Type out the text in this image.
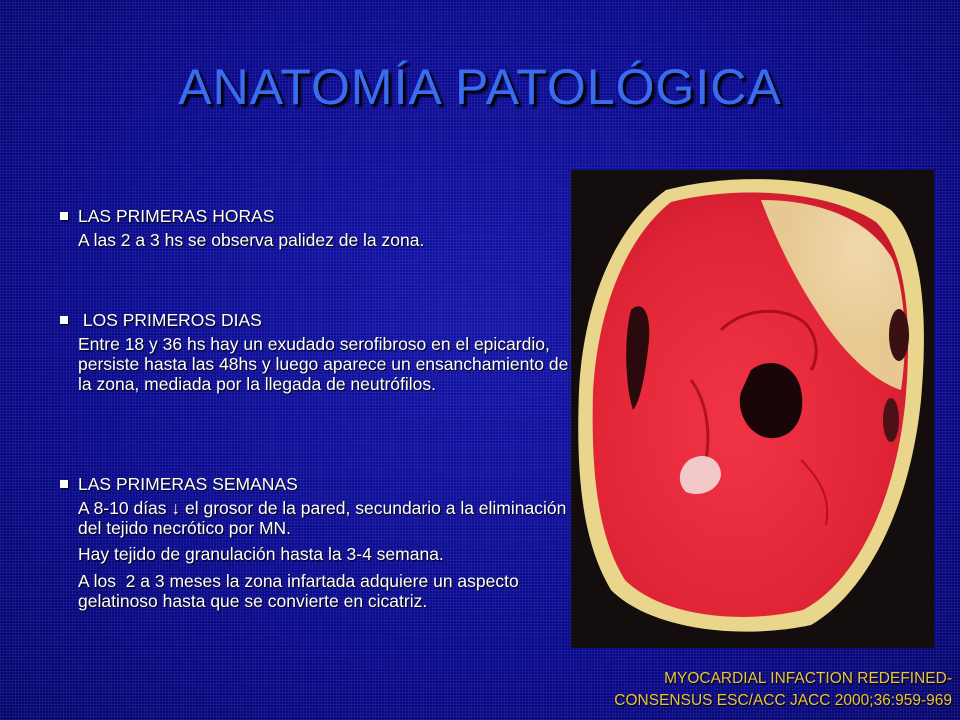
ANATOMÍA PATOLÓGICA
LAS PRIMERAS HORAS

A las 2 a 3 hs se observa palidez de la zona.

LOS PRIMEROS DIAS

Entre 18 y 36 hs hay un exudado serofibroso en el epicardio, persiste hasta las 48hs y luego aparece un ensanchamiento de la zona, mediada por la llegada de neutrófilos.

LAS PRIMERAS SEMANAS

A 8-10 días ↓ el grosor de la pared, secundario a la eliminación del tejido necrótico por MN.

Hay tejido de granulación hasta la 3-4 semana.

A los  2 a 3 meses la zona infartada adquiere un aspecto gelatinoso hasta que se convierte en cicatriz.

MYOCARDIAL INFACTION REDEFINED-
CONSENSUS ESC/ACC JACC 2000;36:959-969
